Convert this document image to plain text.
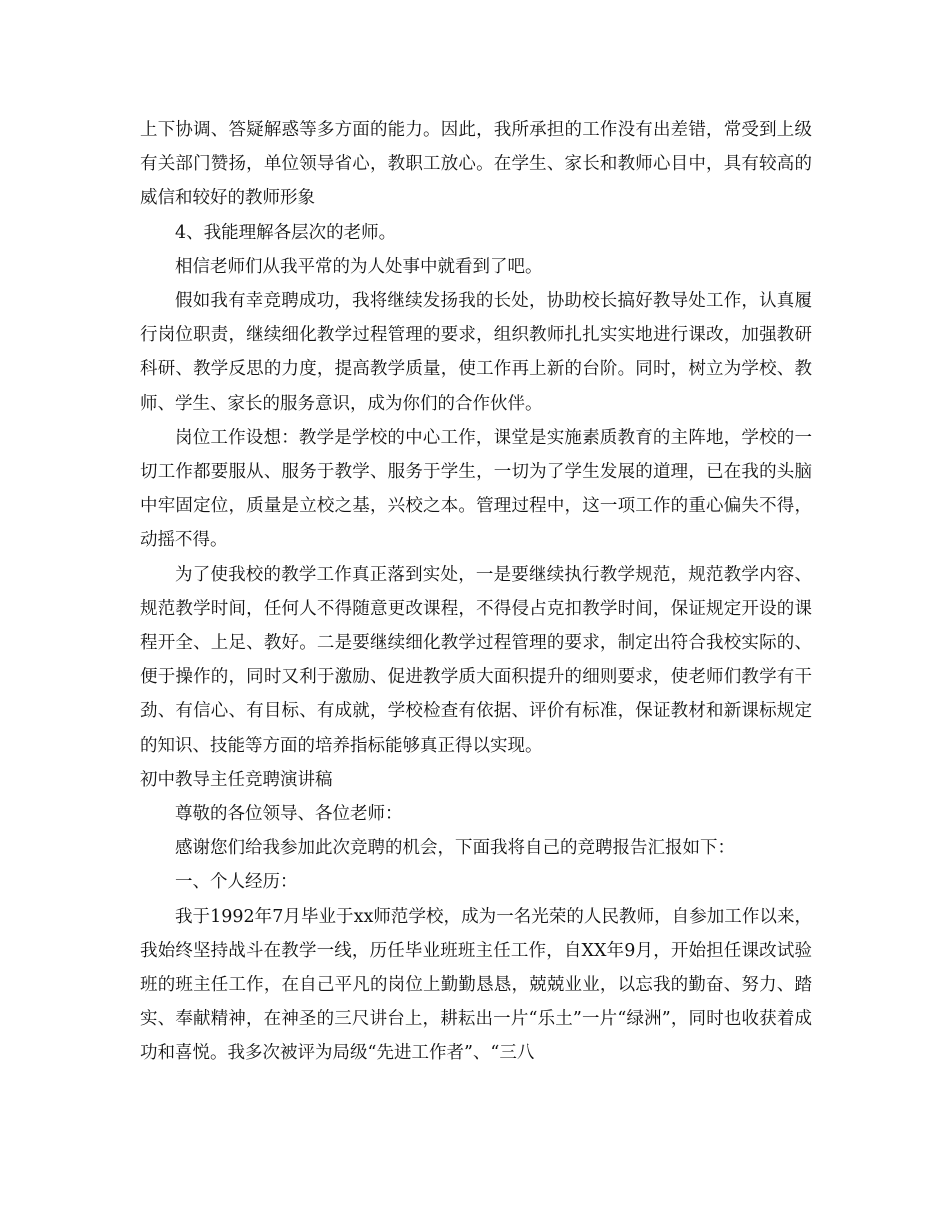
上下协调、答疑解惑等多方面的能力。因此，我所承担的工作没有出差错，常受到上级有关部门赞扬，单位领导省心，教职工放心。在学生、家长和教师心目中，具有较高的威信和较好的教师形象

4、我能理解各层次的老师。

相信老师们从我平常的为人处事中就看到了吧。

假如我有幸竞聘成功，我将继续发扬我的长处，协助校长搞好教导处工作，认真履行岗位职责，继续细化教学过程管理的要求，组织教师扎扎实实地进行课改，加强教研科研、教学反思的力度，提高教学质量，使工作再上新的台阶。同时，树立为学校、教师、学生、家长的服务意识，成为你们的合作伙伴。

岗位工作设想：教学是学校的中心工作，课堂是实施素质教育的主阵地，学校的一切工作都要服从、服务于教学、服务于学生，一切为了学生发展的道理，已在我的头脑中牢固定位，质量是立校之基，兴校之本。管理过程中，这一项工作的重心偏失不得，动摇不得。

为了使我校的教学工作真正落到实处，一是要继续执行教学规范，规范教学内容、规范教学时间，任何人不得随意更改课程，不得侵占克扣教学时间，保证规定开设的课程开全、上足、教好。二是要继续细化教学过程管理的要求，制定出符合我校实际的、便于操作的，同时又利于激励、促进教学质大面积提升的细则要求，使老师们教学有干劲、有信心、有目标、有成就，学校检查有依据、评价有标准，保证教材和新课标规定的知识、技能等方面的培养指标能够真正得以实现。

初中教导主任竞聘演讲稿

尊敬的各位领导、各位老师：

感谢您们给我参加此次竞聘的机会，下面我将自己的竞聘报告汇报如下：

一、个人经历：

我于1992年7月毕业于xx师范学校，成为一名光荣的人民教师，自参加工作以来，我始终坚持战斗在教学一线，历任毕业班班主任工作，自XX年9月，开始担任课改试验班的班主任工作，在自己平凡的岗位上勤勤恳恳，兢兢业业，以忘我的勤奋、努力、踏实、奉献精神，在神圣的三尺讲台上，耕耘出一片“乐土”一片“绿洲”，同时也收获着成功和喜悦。我多次被评为局级“先进工作者”、“三八
